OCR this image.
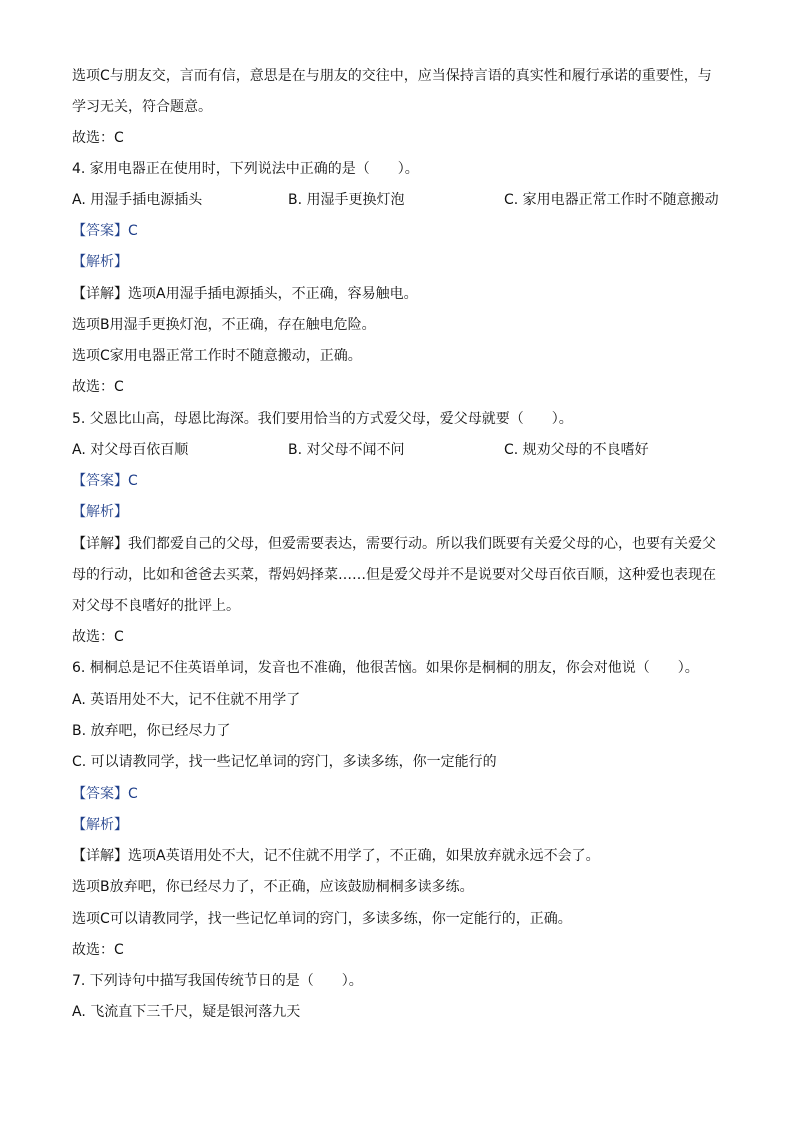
选项C与朋友交，言而有信，意思是在与朋友的交往中，应当保持言语的真实性和履行承诺的重要性，与
学习无关，符合题意。
故选：C
4. 家用电器正在使用时，下列说法中正确的是（　　）。
A. 用湿手插电源插头	B. 用湿手更换灯泡	C. 家用电器正常工作时不随意搬动
【答案】C
【解析】
【详解】选项A用湿手插电源插头，不正确，容易触电。
选项B用湿手更换灯泡，不正确，存在触电危险。
选项C家用电器正常工作时不随意搬动，正确。
故选：C
5. 父恩比山高，母恩比海深。我们要用恰当的方式爱父母，爱父母就要（　　）。
A. 对父母百依百顺	B. 对父母不闻不问	C. 规劝父母的不良嗜好
【答案】C
【解析】
【详解】我们都爱自己的父母，但爱需要表达，需要行动。所以我们既要有关爱父母的心，也要有关爱父
母的行动，比如和爸爸去买菜，帮妈妈择菜……但是爱父母并不是说要对父母百依百顺，这种爱也表现在
对父母不良嗜好的批评上。
故选：C
6. 桐桐总是记不住英语单词，发音也不准确，他很苦恼。如果你是桐桐的朋友，你会对他说（　　）。
A. 英语用处不大，记不住就不用学了
B. 放弃吧，你已经尽力了
C. 可以请教同学，找一些记忆单词的窍门，多读多练，你一定能行的
【答案】C
【解析】
【详解】选项A英语用处不大，记不住就不用学了，不正确，如果放弃就永远不会了。
选项B放弃吧，你已经尽力了，不正确，应该鼓励桐桐多读多练。
选项C可以请教同学，找一些记忆单词的窍门，多读多练，你一定能行的，正确。
故选：C
7. 下列诗句中描写我国传统节日的是（　　）。
A. 飞流直下三千尺，疑是银河落九天
